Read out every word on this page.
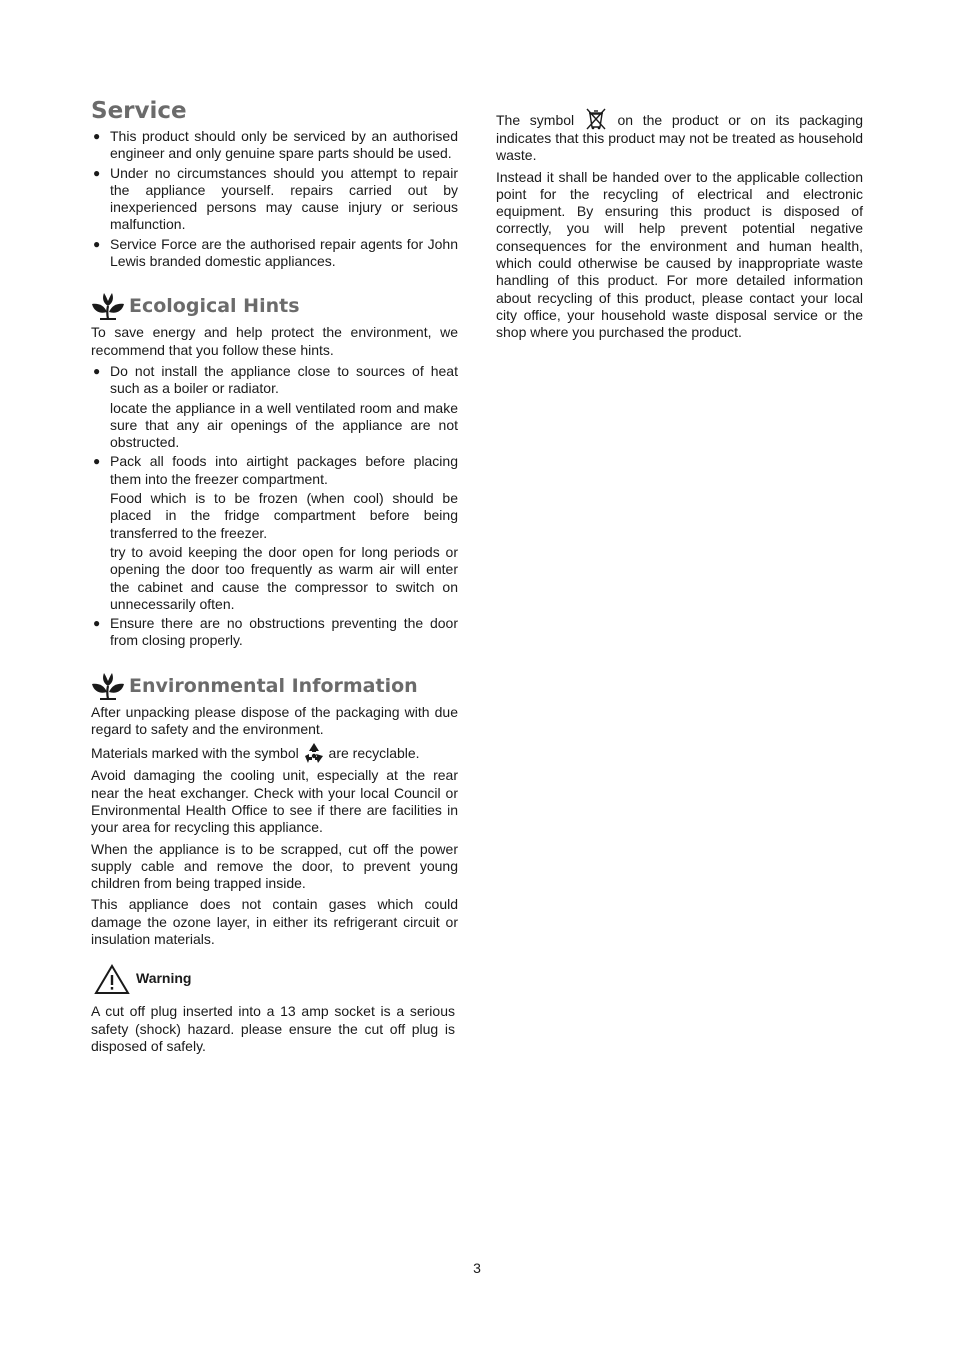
Service
● This product should only be serviced by an authorised engineer and only genuine spare parts should be used.

● Under no circumstances should you attempt to repair the appliance yourself. repairs carried out by inexperienced persons may cause injury or serious malfunction.

● Service Force are the authorised repair agents for John Lewis branded domestic appliances.

Ecological Hints

To save energy and help protect the environment, we recommend that you follow these hints.

● Do not install the appliance close to sources of heat such as a boiler or radiator.

locate the appliance in a well ventilated room and make sure that any air openings of the appliance are not obstructed.

● Pack all foods into airtight packages before placing them into the freezer compartment.

Food which is to be frozen (when cool) should be placed in the fridge compartment before being transferred to the freezer.

try to avoid keeping the door open for long periods or opening the door too frequently as warm air will enter the cabinet and cause the compressor to switch on unnecessarily often.

● Ensure there are no obstructions preventing the door from closing properly.

Environmental Information

After unpacking please dispose of the packaging with due regard to safety and the environment.

Materials marked with the symbol are recyclable.

Avoid damaging the cooling unit, especially at the rear near the heat exchanger. Check with your local Council or Environmental Health Office to see if there are facilities in your area for recycling this appliance.

When the appliance is to be scrapped, cut off the power supply cable and remove the door, to prevent young children from being trapped inside.

This appliance does not contain gases which could damage the ozone layer, in either its refrigerant circuit or insulation materials.

Warning

A cut off plug inserted into a 13 amp socket is a serious safety (shock) hazard. please ensure the cut off plug is disposed of safely.

The symbol	on the product or on its packaging indicates that this product may not be treated as household waste.

Instead it shall be handed over to the applicable collection point for the recycling of electrical and electronic equipment. By ensuring this product is disposed of correctly, you will help prevent potential negative consequences for the environment and human health, which could otherwise be caused by inappropriate waste handling of this product. For more detailed information about recycling of this product, please contact your local city office, your household waste disposal service or the shop where you purchased the product.

3
